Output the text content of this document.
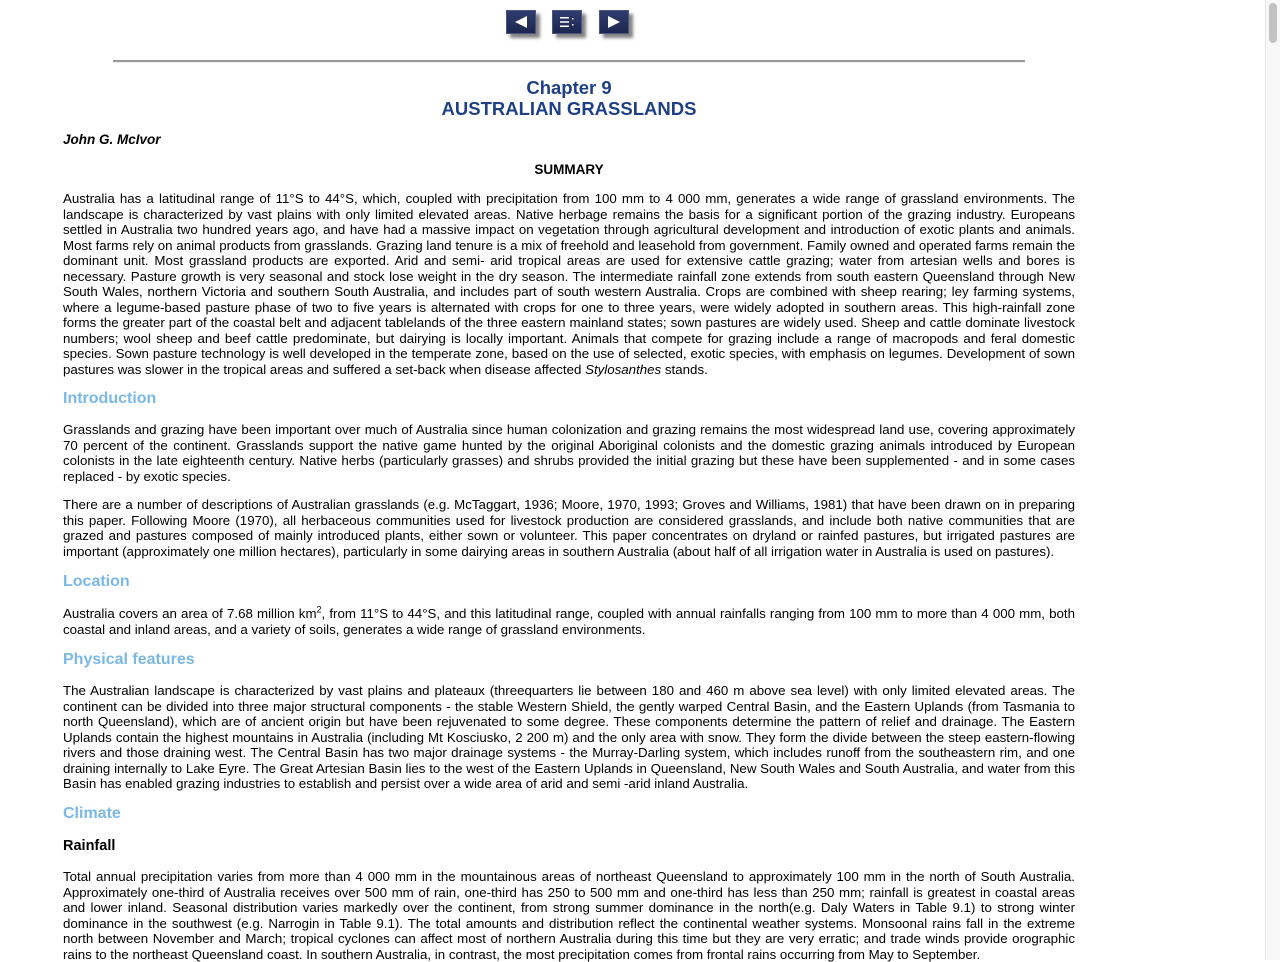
Chapter 9
AUSTRALIAN GRASSLANDS
John G. McIvor
SUMMARY

Australia has a latitudinal range of 11°S to 44°S, which, coupled with precipitation from 100 mm to 4 000 mm, generates a wide range of grassland environments. The landscape is characterized by vast plains with only limited elevated areas. Native herbage remains the basis for a significant portion of the grazing industry. Europeans settled in Australia two hundred years ago, and have had a massive impact on vegetation through agricultural development and introduction of exotic plants and animals. Most farms rely on animal products from grasslands. Grazing land tenure is a mix of freehold and leasehold from government. Family owned and operated farms remain the dominant unit. Most grassland products are exported. Arid and semi- arid tropical areas are used for extensive cattle grazing; water from artesian wells and bores is necessary. Pasture growth is very seasonal and stock lose weight in the dry season. The intermediate rainfall zone extends from south eastern Queensland through New South Wales, northern Victoria and southern South Australia, and includes part of south western Australia. Crops are combined with sheep rearing; ley farming systems, where a legume-based pasture phase of two to five years is alternated with crops for one to three years, were widely adopted in southern areas. This high-rainfall zone forms the greater part of the coastal belt and adjacent tablelands of the three eastern mainland states; sown pastures are widely used. Sheep and cattle dominate livestock numbers; wool sheep and beef cattle predominate, but dairying is locally important. Animals that compete for grazing include a range of macropods and feral domestic species. Sown pasture technology is well developed in the temperate zone, based on the use of selected, exotic species, with emphasis on legumes. Development of sown pastures was slower in the tropical areas and suffered a set-back when disease affected Stylosanthes stands.

Introduction

Grasslands and grazing have been important over much of Australia since human colonization and grazing remains the most widespread land use, covering approximately 70 percent of the continent. Grasslands support the native game hunted by the original Aboriginal colonists and the domestic grazing animals introduced by European colonists in the late eighteenth century. Native herbs (particularly grasses) and shrubs provided the initial grazing but these have been supplemented - and in some cases replaced - by exotic species.

There are a number of descriptions of Australian grasslands (e.g. McTaggart, 1936; Moore, 1970, 1993; Groves and Williams, 1981) that have been drawn on in preparing this paper. Following Moore (1970), all herbaceous communities used for livestock production are considered grasslands, and include both native communities that are grazed and pastures composed of mainly introduced plants, either sown or volunteer. This paper concentrates on dryland or rainfed pastures, but irrigated pastures are important (approximately one million hectares), particularly in some dairying areas in southern Australia (about half of all irrigation water in Australia is used on pastures).

Location

Australia covers an area of 7.68 million $km^2$, from 11°S to 44°S, and this latitudinal range, coupled with annual rainfalls ranging from 100 mm to more than 4 000 mm, both coastal and inland areas, and a variety of soils, generates a wide range of grassland environments.

Physical features

The Australian landscape is characterized by vast plains and plateaux (threequarters lie between 180 and 460 m above sea level) with only limited elevated areas. The continent can be divided into three major structural components - the stable Western Shield, the gently warped Central Basin, and the Eastern Uplands (from Tasmania to north Queensland), which are of ancient origin but have been rejuvenated to some degree. These components determine the pattern of relief and drainage. The Eastern Uplands contain the highest mountains in Australia (including Mt Kosciusko, 2 200 m) and the only area with snow. They form the divide between the steep eastern-flowing rivers and those draining west. The Central Basin has two major drainage systems - the Murray-Darling system, which includes runoff from the southeastern rim, and one draining internally to Lake Eyre. The Great Artesian Basin lies to the west of the Eastern Uplands in Queensland, New South Wales and South Australia, and water from this Basin has enabled grazing industries to establish and persist over a wide area of arid and semi -arid inland Australia.

Climate
Rainfall

Total annual precipitation varies from more than 4 000 mm in the mountainous areas of northeast Queensland to approximately 100 mm in the north of South Australia. Approximately one-third of Australia receives over 500 mm of rain, one-third has 250 to 500 mm and one-third has less than 250 mm; rainfall is greatest in coastal areas and lower inland. Seasonal distribution varies markedly over the continent, from strong summer dominance in the north(e.g. Daly Waters in Table 9.1) to strong winter dominance in the southwest (e.g. Narrogin in Table 9.1). The total amounts and distribution reflect the continental weather systems. Monsoonal rains fall in the extreme north between November and March; tropical cyclones can affect most of northern Australia during this time but they are very erratic; and trade winds provide orographic rains to the northeast Queensland coast. In southern Australia, in contrast, the most precipitation comes from frontal rains occurring from May to September.
